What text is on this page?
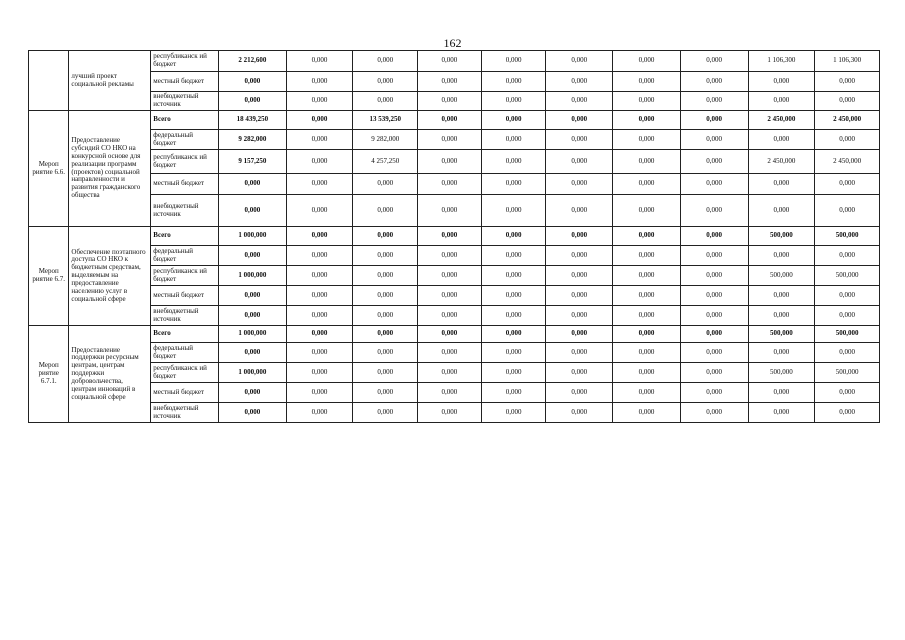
162
	лучший проект социальной рекламы	республиканск ий бюджет	2 212,600	0,000	0,000	0,000	0,000	0,000	0,000	0,000	1 106,300	1 106,300
		местный бюджет	0,000	0,000	0,000	0,000	0,000	0,000	0,000	0,000	0,000	0,000
		внебюджетный источник	0,000	0,000	0,000	0,000	0,000	0,000	0,000	0,000	0,000	0,000
Мероп риятие 6.6.	Предоставление субсидий СО НКО на конкурсной основе для реализации программ (проектов) социальной направленности и развития гражданского общества	Всего	18 439,250	0,000	13 539,250	0,000	0,000	0,000	0,000	0,000	2 450,000	2 450,000
		федеральный бюджет	9 282,000	0,000	9 282,000	0,000	0,000	0,000	0,000	0,000	0,000	0,000
		республиканск ий бюджет	9 157,250	0,000	4 257,250	0,000	0,000	0,000	0,000	0,000	2 450,000	2 450,000
		местный бюджет	0,000	0,000	0,000	0,000	0,000	0,000	0,000	0,000	0,000	0,000
		внебюджетный источник	0,000	0,000	0,000	0,000	0,000	0,000	0,000	0,000	0,000	0,000
Мероп риятие 6.7.	Обеспечение поэтапного доступа СО НКО к бюджетным средствам, выделяемым на предоставление населению услуг в социальной сфере	Всего	1 000,000	0,000	0,000	0,000	0,000	0,000	0,000	0,000	500,000	500,000
		федеральный бюджет	0,000	0,000	0,000	0,000	0,000	0,000	0,000	0,000	0,000	0,000
		республиканск ий бюджет	1 000,000	0,000	0,000	0,000	0,000	0,000	0,000	0,000	500,000	500,000
		местный бюджет	0,000	0,000	0,000	0,000	0,000	0,000	0,000	0,000	0,000	0,000
		внебюджетный источник	0,000	0,000	0,000	0,000	0,000	0,000	0,000	0,000	0,000	0,000
Мероп риятие 6.7.1.	Предоставление поддержки ресурсным центрам, центрам поддержки добровольчества, центрам инноваций в социальной сфере	Всего	1 000,000	0,000	0,000	0,000	0,000	0,000	0,000	0,000	500,000	500,000
		федеральный бюджет	0,000	0,000	0,000	0,000	0,000	0,000	0,000	0,000	0,000	0,000
		республиканск ий бюджет	1 000,000	0,000	0,000	0,000	0,000	0,000	0,000	0,000	500,000	500,000
		местный бюджет	0,000	0,000	0,000	0,000	0,000	0,000	0,000	0,000	0,000	0,000
		внебюджетный источник	0,000	0,000	0,000	0,000	0,000	0,000	0,000	0,000	0,000	0,000
